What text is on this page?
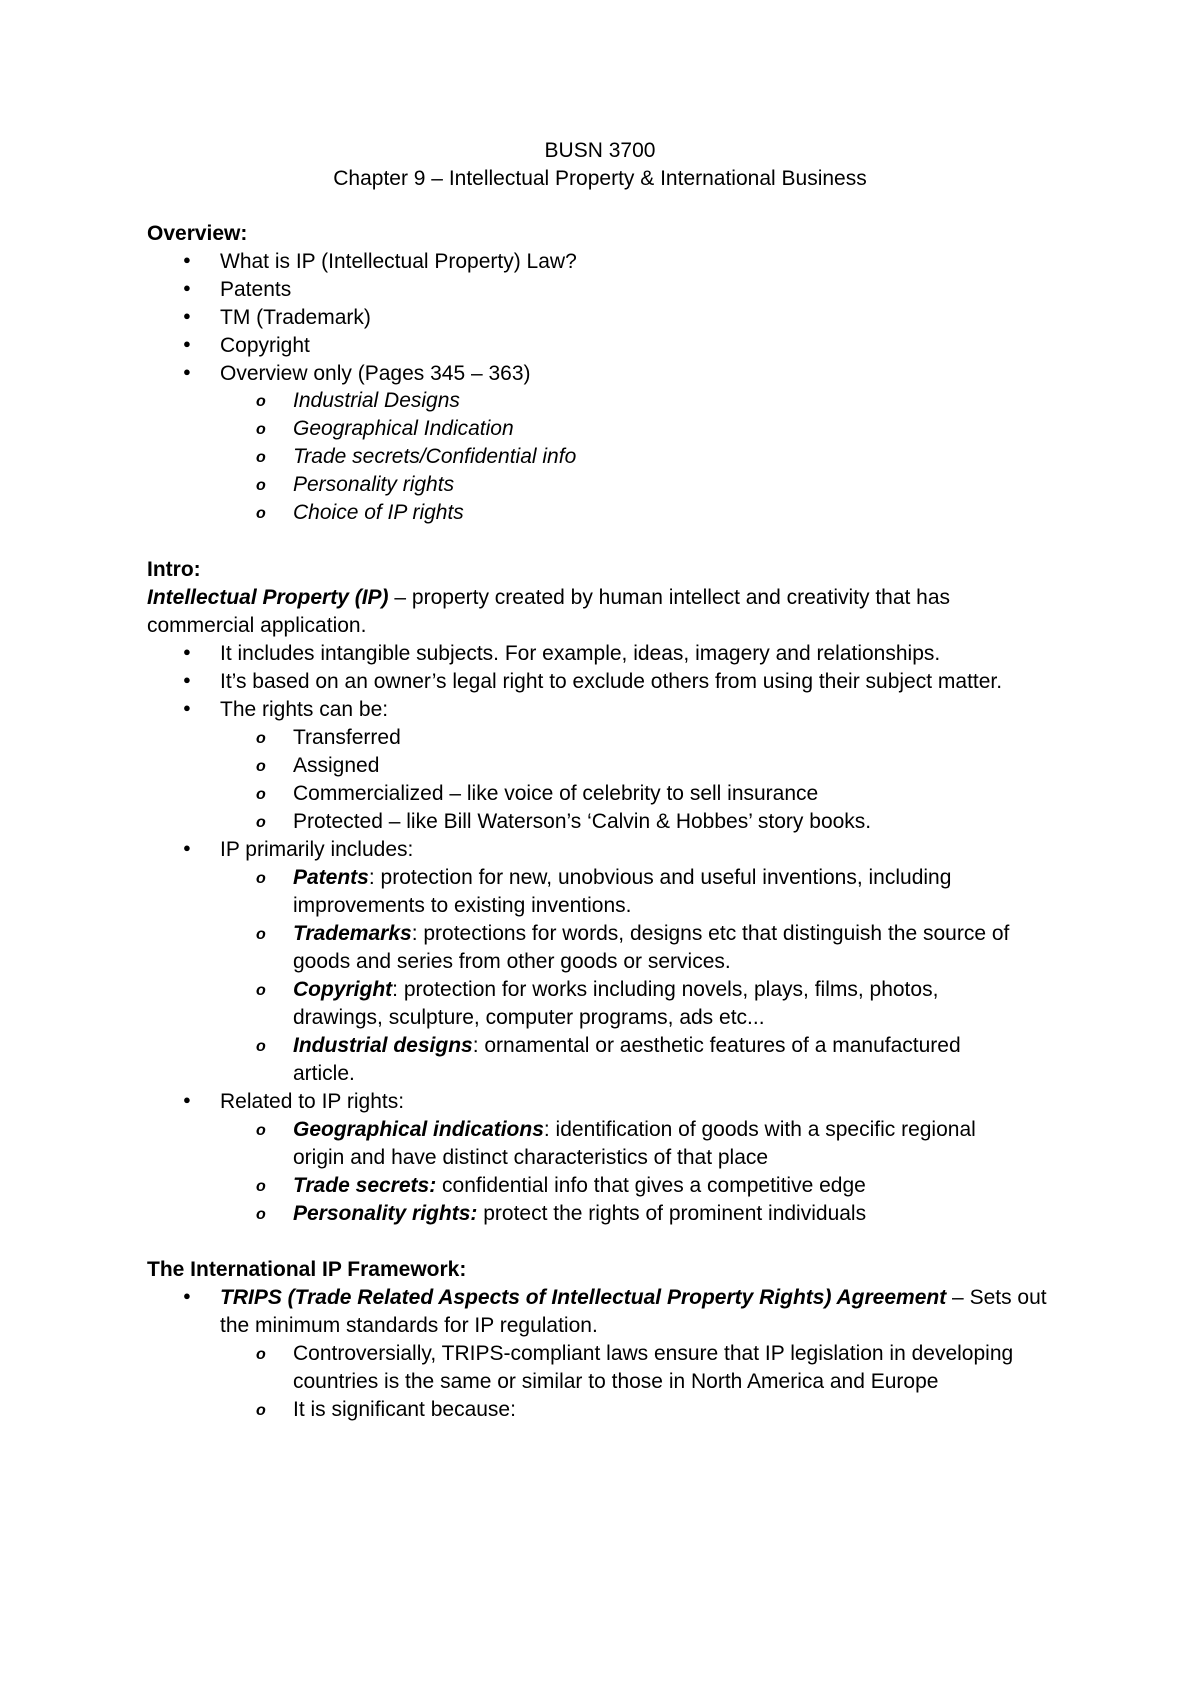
BUSN 3700
Chapter 9 – Intellectual Property & International Business
Overview:
● What is IP (Intellectual Property) Law?
● Patents
● TM (Trademark)
● Copyright
● Overview only (Pages 345 – 363)
o Industrial Designs
o Geographical Indication
o Trade secrets/Confidential info
o Personality rights
o Choice of IP rights
Intro:
Intellectual Property (IP) – property created by human intellect and creativity that has
commercial application.
● It includes intangible subjects. For example, ideas, imagery and relationships.
● It’s based on an owner’s legal right to exclude others from using their subject matter.
● The rights can be:
o Transferred
o Assigned
o Commercialized – like voice of celebrity to sell insurance
o Protected – like Bill Waterson’s ‘Calvin & Hobbes’ story books.
● IP primarily includes:
o Patents: protection for new, unobvious and useful inventions, including
improvements to existing inventions.
o Trademarks: protections for words, designs etc that distinguish the source of
goods and series from other goods or services.
o Copyright: protection for works including novels, plays, films, photos,
drawings, sculpture, computer programs, ads etc...
o Industrial designs: ornamental or aesthetic features of a manufactured
article.
● Related to IP rights:
o Geographical indications: identification of goods with a specific regional
origin and have distinct characteristics of that place
o Trade secrets: confidential info that gives a competitive edge
o Personality rights: protect the rights of prominent individuals
The International IP Framework:
● TRIPS (Trade Related Aspects of Intellectual Property Rights) Agreement – Sets out
the minimum standards for IP regulation.
o Controversially, TRIPS-compliant laws ensure that IP legislation in developing
countries is the same or similar to those in North America and Europe
o It is significant because:
